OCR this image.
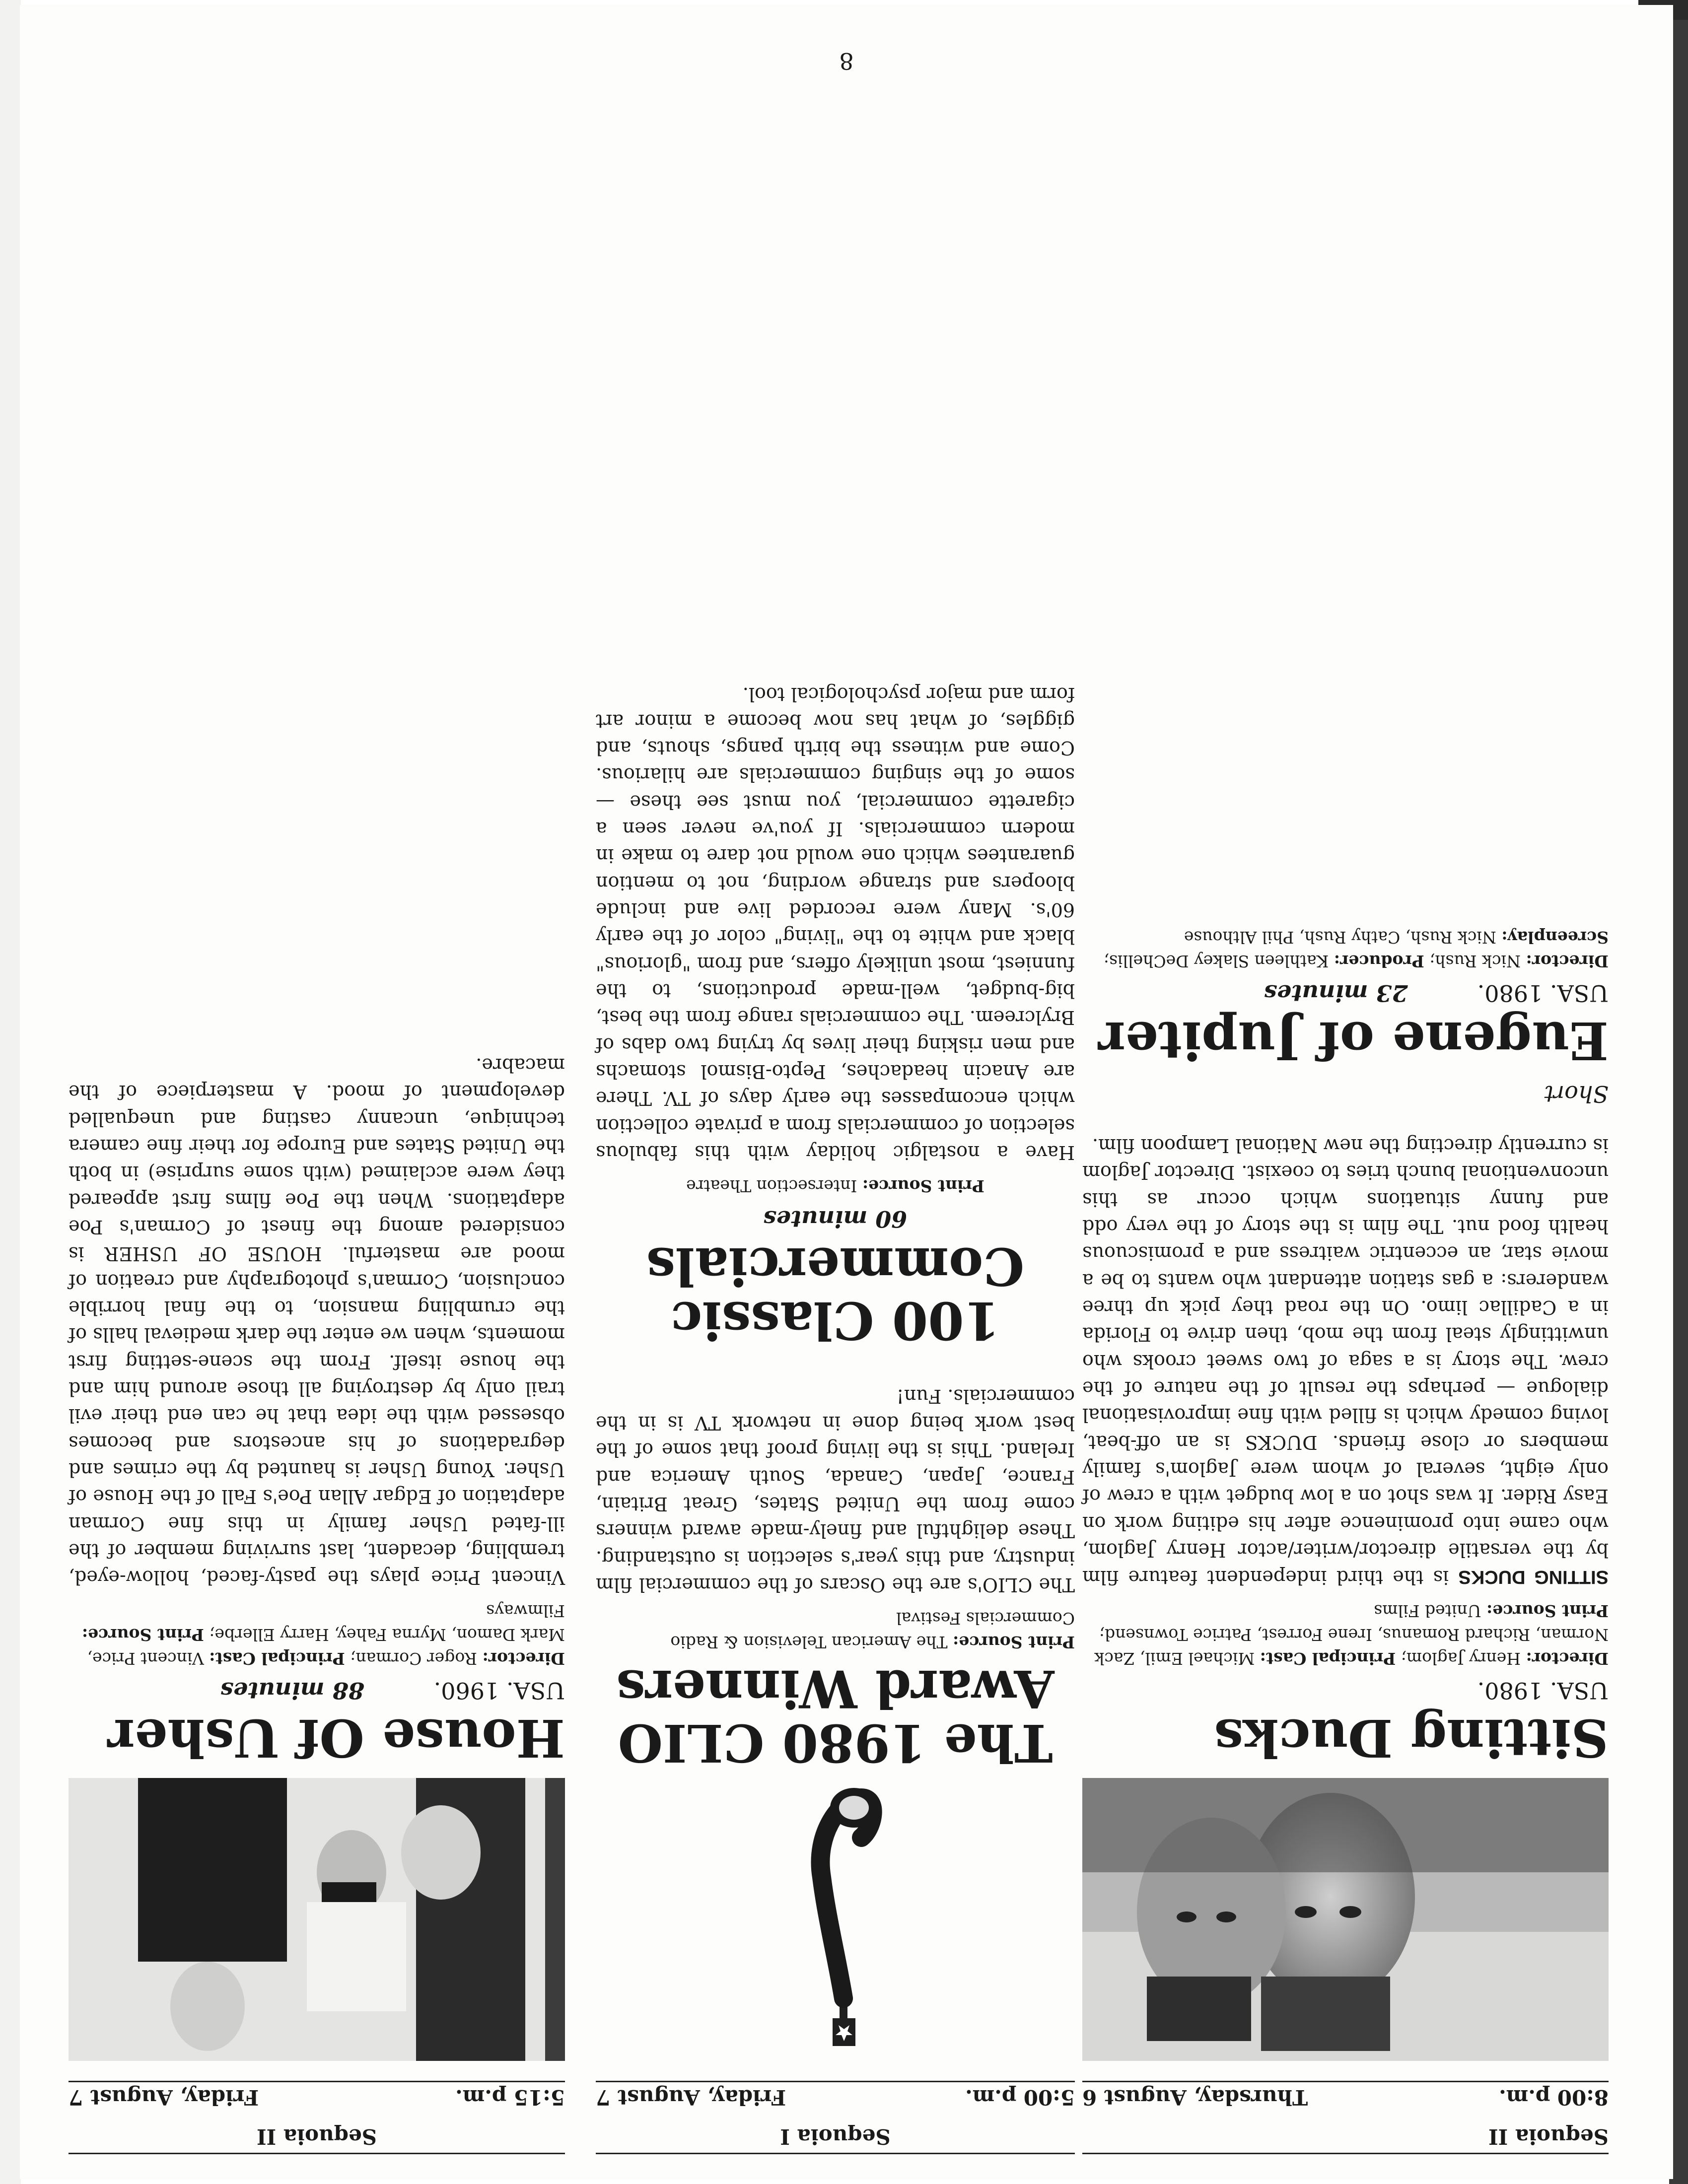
8
Sequoia II
8:00 p.m.
Thursday, August 6
Sitting Ducks
USA. 1980.
Director: Henry Jaglom; Principal Cast: Michael Emil, Zack Norman, Richard Romanus, Irene Forrest, Patrice Townsend; Print Source: United Films

SITTING DUCKS is the third independent feature film by the versatile director/writer/actor Henry Jaglom, who came into prominence after his editing work on Easy Rider. It was shot on a low budget with a crew of only eight, several of whom were Jaglom's family members or close friends. DUCKS is an off-beat, loving comedy which is filled with fine improvisational dialogue — perhaps the result of the nature of the crew. The story is a saga of two sweet crooks who unwittingly steal from the mob, then drive to Florida in a Cadillac limo. On the road they pick up three wanderers: a gas station attendant who wants to be a movie star, an eccentric waitress and a promiscuous health food nut. The film is the story of the very odd and funny situations which occur as this unconventional bunch tries to coexist. Director Jaglom is currently directing the new National Lampoon film.

Short
Eugene of Jupiter
USA. 1980.
23 minutes
Director: Nick Rush; Producer: Kathleen Slakey DeChellis; Screenplay: Nick Rush, Cathy Rush, Phil Althouse
Sequoia I
5:00 p.m.
Friday, August 7
The 1980 CLIO Award Winners
Print Source: The American Television & Radio Commercials Festival

The CLIO's are the Oscars of the commercial film industry, and this year's selection is outstanding. These delightful and finely-made award winners come from the United States, Great Britain, France, Japan, Canada, South America and Ireland. This is the living proof that some of the best work being done in network TV is in the commercials. Fun!

100 Classic Commercials
60 minutes
Print Source: Intersection Theatre

Have a nostalgic holiday with this fabulous selection of commercials from a private collection which encompasses the early days of TV. There are Anacin headaches, Pepto-Bismol stomachs and men risking their lives by trying two dabs of Brylcreem. The commercials range from the best, big-budget, well-made productions, to the funniest, most unlikely offers, and from "glorious" black and white to the "living" color of the early 60's. Many were recorded live and include bloopers and strange wording, not to mention guarantees which one would not dare to make in modern commercials. If you've never seen a cigarette commercial, you must see these — some of the singing commercials are hilarious. Come and witness the birth pangs, shouts, and giggles, of what has now become a minor art form and major psychological tool.

Sequoia II
5:15 p.m.
Friday, August 7
House Of Usher
USA. 1960.
88 minutes
Director: Roger Corman; Principal Cast: Vincent Price, Mark Damon, Myrna Fahey, Harry Ellerbe; Print Source: Filmways

Vincent Price plays the pasty-faced, hollow-eyed, trembling, decadent, last surviving member of the ill-fated Usher family in this fine Corman adaptation of Edgar Allan Poe's Fall of the House of Usher. Young Usher is haunted by the crimes and degradations of his ancestors and becomes obsessed with the idea that he can end their evil trail only by destroying all those around him and the house itself. From the scene-setting first moments, when we enter the dark medieval halls of the crumbling mansion, to the final horrible conclusion, Corman's photography and creation of mood are masterful. HOUSE OF USHER is considered among the finest of Corman's Poe adaptations. When the Poe films first appeared they were acclaimed (with some surprise) in both the United States and Europe for their fine camera technique, uncanny casting and unequalled development of mood. A masterpiece of the macabre.
